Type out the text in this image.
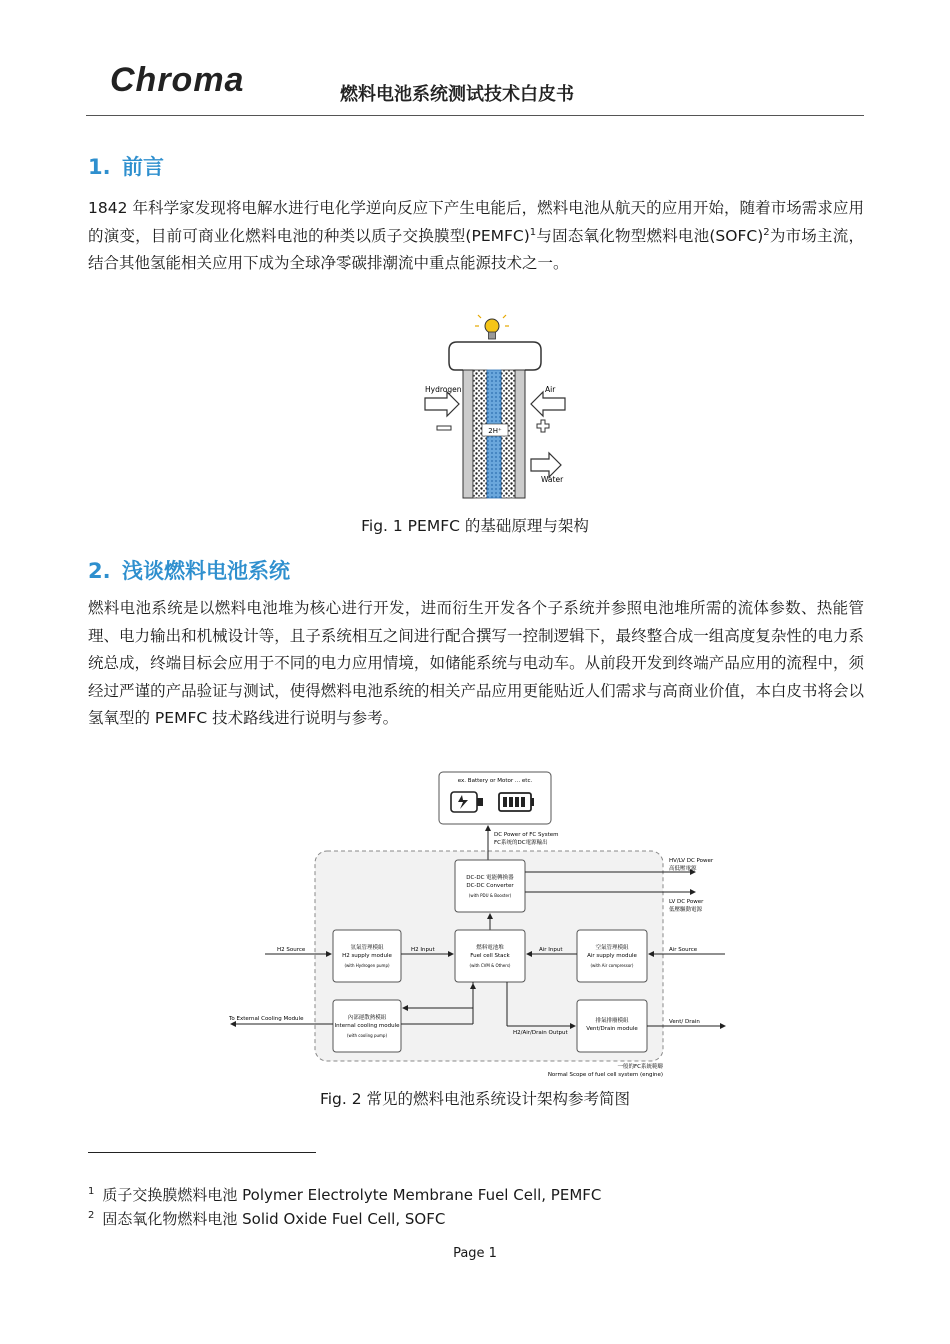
Chroma	燃料电池系统测试技术白皮书
1. 前言
1842 年科学家发现将电解水进行电化学逆向反应下产生电能后，燃料电池从航天的应用开始，随着市场需求应用的演变，目前可商业化燃料电池的种类以质子交换膜型(PEMFC)$^1$与固态氧化物型燃料电池(SOFC)$^2$为市场主流，结合其他氢能相关应用下成为全球净零碳排潮流中重点能源技术之一。
2H⁺
Hydrogen	Air
Water
Fig. 1 PEMFC 的基础原理与架构
2. 浅谈燃料电池系统
燃料电池系统是以燃料电池堆为核心进行开发，进而衍生开发各个子系统并参照电池堆所需的流体参数、热能管理、电力输出和机械设计等，且子系统相互之间进行配合撰写一控制逻辑下，最终整合成一组高度复杂性的电力系统总成，终端目标会应用于不同的电力应用情境，如储能系统与电动车。从前段开发到终端产品应用的流程中，须经过严谨的产品验证与测试，使得燃料电池系统的相关产品应用更能贴近人们需求与高商业价值，本白皮书将会以氢氧型的 PEMFC 技术路线进行说明与参考。
ex. Battery or Motor ... etc.
DC Power of FC System
FC系统的DC電源輸出
DC-DC 電能轉換器
DC-DC Converter
(with PDU & Booster)
HV/LV DC Power
高低壓電源
LV DC Power
低壓驅動電源
氫氣管理模組
H2 supply module
(with Hydrogen pump)
燃料電池堆
Fuel cell Stack
(with CVM & Others)
空氣管理模組
Air supply module
(with Air compressor)
H2 Source	H2 Input	Air Input	Air Source
內部運散熱模組
Internal cooling module
(with cooling pump)
排氣排廢模組
Vent/Drain module
To External Cooling Module
H2/Air/Drain Output
Vent/ Drain
一般的FC系統範疇
Normal Scope of fuel cell system (engine)
Fig. 2 常见的燃料电池系统设计架构参考简图
$^1$ 质子交换膜燃料电池 Polymer Electrolyte Membrane Fuel Cell, PEMFC
$^2$ 固态氧化物燃料电池 Solid Oxide Fuel Cell, SOFC
Page 1
